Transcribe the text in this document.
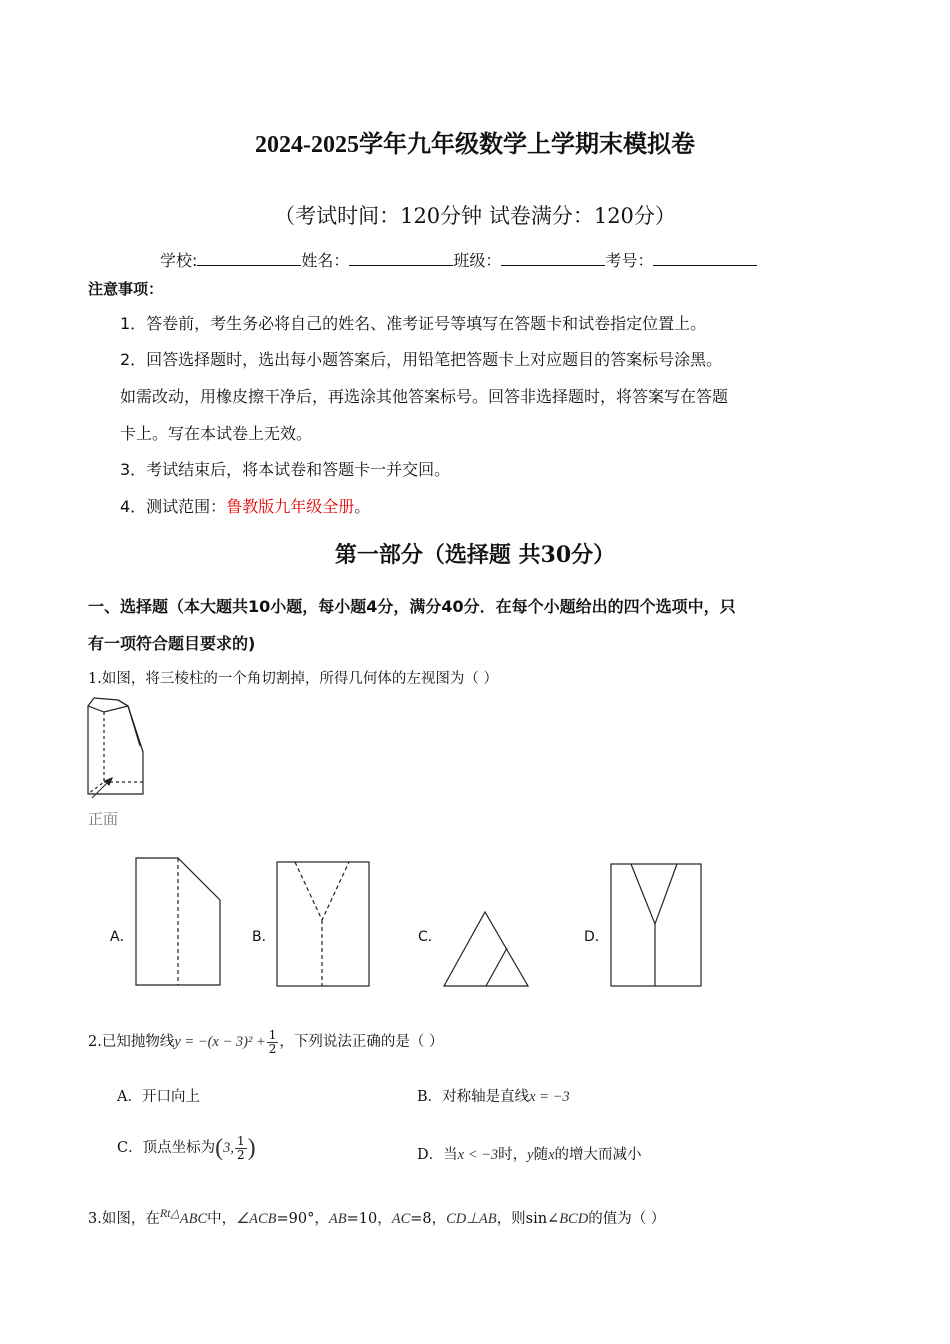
2024-2025学年九年级数学上学期末模拟卷
（考试时间：120分钟 试卷满分：120分）
学校:	姓名：	班级：	考号：
注意事项：
1．答卷前，考生务必将自己的姓名、准考证号等填写在答题卡和试卷指定位置上。
2．回答选择题时，选出每小题答案后，用铅笔把答题卡上对应题目的答案标号涂黑。
如需改动，用橡皮擦干净后，再选涂其他答案标号。回答非选择题时，将答案写在答题
卡上。写在本试卷上无效。
3．考试结束后，将本试卷和答题卡一并交回。
4．测试范围：鲁教版九年级全册。
第一部分（选择题 共30分）
一、选择题（本大题共10小题，每小题4分，满分40分．在每个小题给出的四个选项中，只
有一项符合题目要求的)
1.如图，将三棱柱的一个角切割掉，所得几何体的左视图为（ ）
正面
A．	B．	C．	D．
2.已知抛物线$y = -(x - 3)^2 + \frac{1}{2}$ ，下列说法正确的是（ ）
A．开口向上	B．对称轴是直线x = −3
C．顶点坐标为(3, $\frac{1}{2}$ )	D．当x < −3时，y随x的增大而减小
3.如图，在$^{Rt\triangle}$ABC中，∠ACB=90°，AB=10，AC=8，CD⊥AB，则sin∠BCD的值为（ ）
